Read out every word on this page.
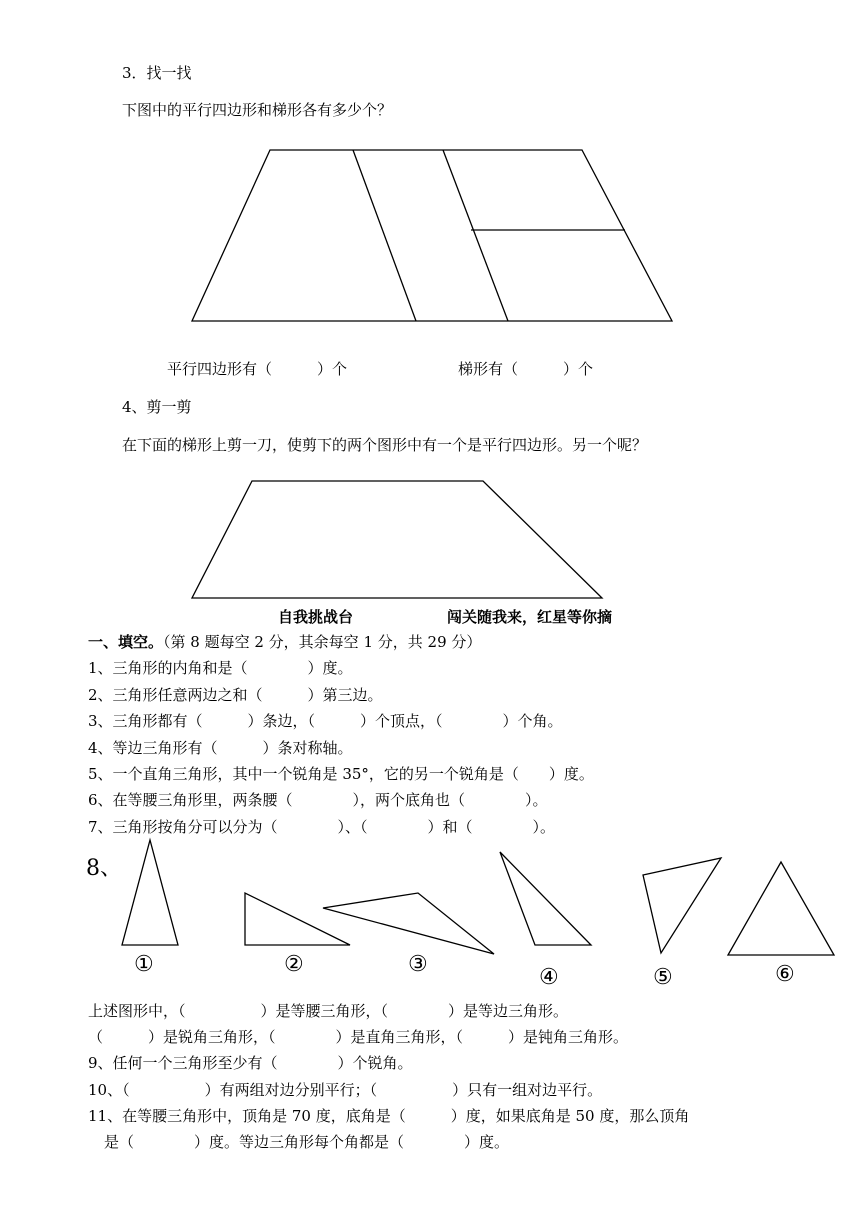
3．找一找
下图中的平行四边形和梯形各有多少个？
平行四边形有（　　　）个	梯形有（　　　）个
4、剪一剪
在下面的梯形上剪一刀，使剪下的两个图形中有一个是平行四边形。另一个呢？
自我挑战台	闯关随我来，红星等你摘
一、填空。（第 8 题每空 2 分，其余每空 1 分，共 29 分）
1、三角形的内角和是（　　　　）度。
2、三角形任意两边之和（　　　）第三边。
3、三角形都有（　　　）条边，（　　　）个顶点，（　　　　）个角。
4、等边三角形有（　　　）条对称轴。
5、一个直角三角形，其中一个锐角是 35°，它的另一个锐角是（　　）度。
6、在等腰三角形里，两条腰（　　　　），两个底角也（　　　　）。
7、三角形按角分可以分为（　　　　）、（　　　　）和（　　　　）。
8、
①	②	③
④	⑤	⑥
上述图形中，（　　　　　）是等腰三角形，（　　　　）是等边三角形。
（　　　）是锐角三角形，（　　　　）是直角三角形，（　　　）是钝角三角形。
9、任何一个三角形至少有（　　　　）个锐角。
10、（　　　　　）有两组对边分别平行；（　　　　　）只有一组对边平行。
11、在等腰三角形中，顶角是 70 度，底角是（　　　）度，如果底角是 50 度，那么顶角
是（　　　　）度。等边三角形每个角都是（　　　　）度。
